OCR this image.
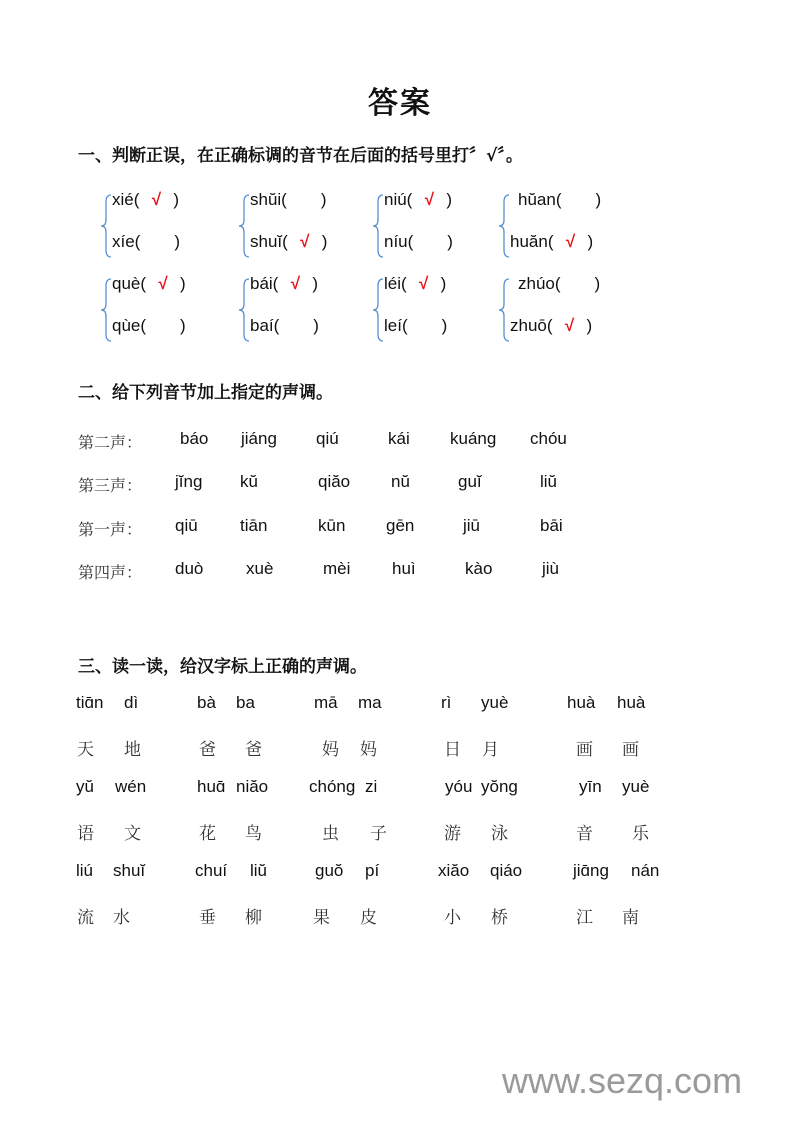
答案
一、判断正误，在正确标调的音节在后面的括号里打〞√〞。
xié( √ )
xíe( )
shŭi( )
shuĭ( √ )
niú( √ )
níu( )
hŭan( )
huăn( √ )
què( √ )
qùe( )
bái( √ )
baí( )
léi( √ )
leí( )
zhúo( )
zhuō( √ )
二、给下列音节加上指定的声调。
第二声： báo jiáng qiú	kái kuáng chóu
第三声： jĭng kŭ	qiăo nŭ	guĭ	liŭ
第一声： qiū tiān	kūn gēn	jiū	bāi
第四声： duò	xuè	mèi huì	kào	jiù
三、读一读，给汉字标上正确的声调。
tiɑ̄n dì
天 地
bà ba
爸 爸
mā ma
妈 妈
rì yuè
日 月
huà huà
画 画
yŭ wén
语 文
huɑ̄ niăo
花 鸟
chóng zi
虫 子
yóu yŏng
游 泳
yīn yuè
音 乐
liú shuĭ
流 水
chuí liŭ
垂 柳
guŏ pí
果 皮
xiăo qiáo
小 桥
jiɑ̄ng nán
江 南
www.sezq.com
